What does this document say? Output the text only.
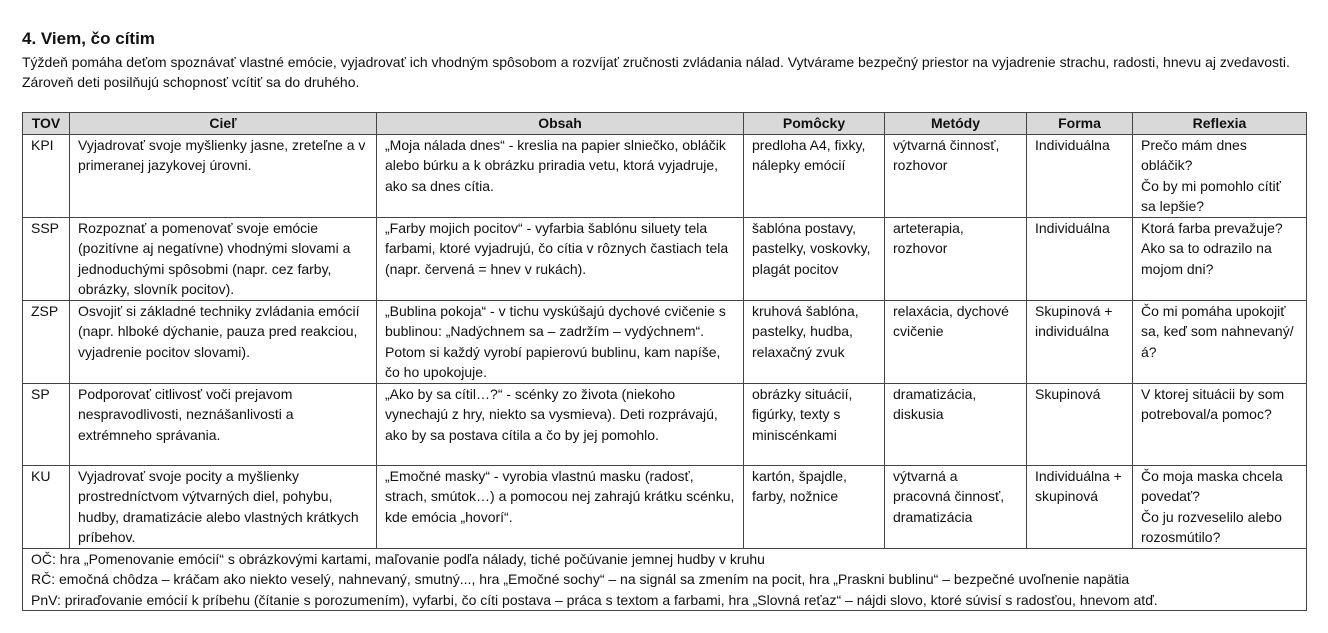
4. Viem, čo cítim

Týždeň pomáha deťom spoznávať vlastné emócie, vyjadrovať ich vhodným spôsobom a rozvíjať zručnosti zvládania nálad. Vytvárame bezpečný priestor na vyjadrenie strachu, radosti, hnevu aj zvedavosti. Zároveň deti posilňujú schopnosť vcítiť sa do druhého.

TOV	Cieľ	Obsah	Pomôcky	Metódy	Forma	Reflexia
KPI	Vyjadrovať svoje myšlienky jasne, zreteľne a v primeranej jazykovej úrovni.	„Moja nálada dnes“ - kreslia na papier slniečko, obláčik alebo búrku a k obrázku priradia vetu, ktorá vyjadruje, ako sa dnes cítia.	predloha A4, fixky, nálepky emócií	výtvarná činnosť, rozhovor	Individuálna	Prečo mám dnes obláčik?
Čo by mi pomohlo cítiť sa lepšie?

SSP	Rozpoznať a pomenovať svoje emócie (pozitívne aj negatívne) vhodnými slovami a jednoduchými spôsobmi (napr. cez farby, obrázky, slovník pocitov).	„Farby mojich pocitov“ - vyfarbia šablónu siluety tela farbami, ktoré vyjadrujú, čo cítia v rôznych častiach tela (napr. červená = hnev v rukách).	šablóna postavy, pastelky, voskovky, plagát pocitov	arteterapia, rozhovor	Individuálna	Ktorá farba prevažuje? Ako sa to odrazilo na mojom dni?

ZSP	Osvojiť si základné techniky zvládania emócií (napr. hlboké dýchanie, pauza pred reakciou, vyjadrenie pocitov slovami).	„Bublina pokoja“ - v tichu vyskúšajú dychové cvičenie s bublinou: „Nadýchnem sa – zadržím – vydýchnem“. Potom si každý vyrobí papierovú bublinu, kam napíše, čo ho upokojuje.	kruhová šablóna, pastelky, hudba, relaxačný zvuk	relaxácia, dychové cvičenie	Skupinová + individuálna	Čo mi pomáha upokojiť sa, keď som nahnevaný/á?

SP	Podporovať citlivosť voči prejavom nespravodlivosti, neznášanlivosti a extrémneho správania.	„Ako by sa cítil…?“ - scénky zo života (niekoho vynechajú z hry, niekto sa vysmieva). Deti rozprávajú, ako by sa postava cítila a čo by jej pomohlo.	obrázky situácií, figúrky, texty s miniscénkami	dramatizácia, diskusia	Skupinová	V ktorej situácii by som potreboval/a pomoc?

KU	Vyjadrovať svoje pocity a myšlienky prostredníctvom výtvarných diel, pohybu, hudby, dramatizácie alebo vlastných krátkych príbehov.	„Emočné masky“ - vyrobia vlastnú masku (radosť, strach, smútok…) a pomocou nej zahrajú krátku scénku, kde emócia „hovorí“.	kartón, špajdle, farby, nožnice	výtvarná a pracovná činnosť, dramatizácia	Individuálna + skupinová	Čo moja maska chcela povedať?
Čo ju rozveselilo alebo rozosmútilo?

OČ: hra „Pomenovanie emócií“ s obrázkovými kartami, maľovanie podľa nálady, tiché počúvanie jemnej hudby v kruhu
RČ: emočná chôdza – kráčam ako niekto veselý, nahnevaný, smutný..., hra „Emočné sochy“ – na signál sa zmením na pocit, hra „Praskni bublinu“ – bezpečné uvoľnenie napätia
PnV: priraďovanie emócií k príbehu (čítanie s porozumením), vyfarbi, čo cíti postava – práca s textom a farbami, hra „Slovná reťaz“ – nájdi slovo, ktoré súvisí s radosťou, hnevom atď.						
